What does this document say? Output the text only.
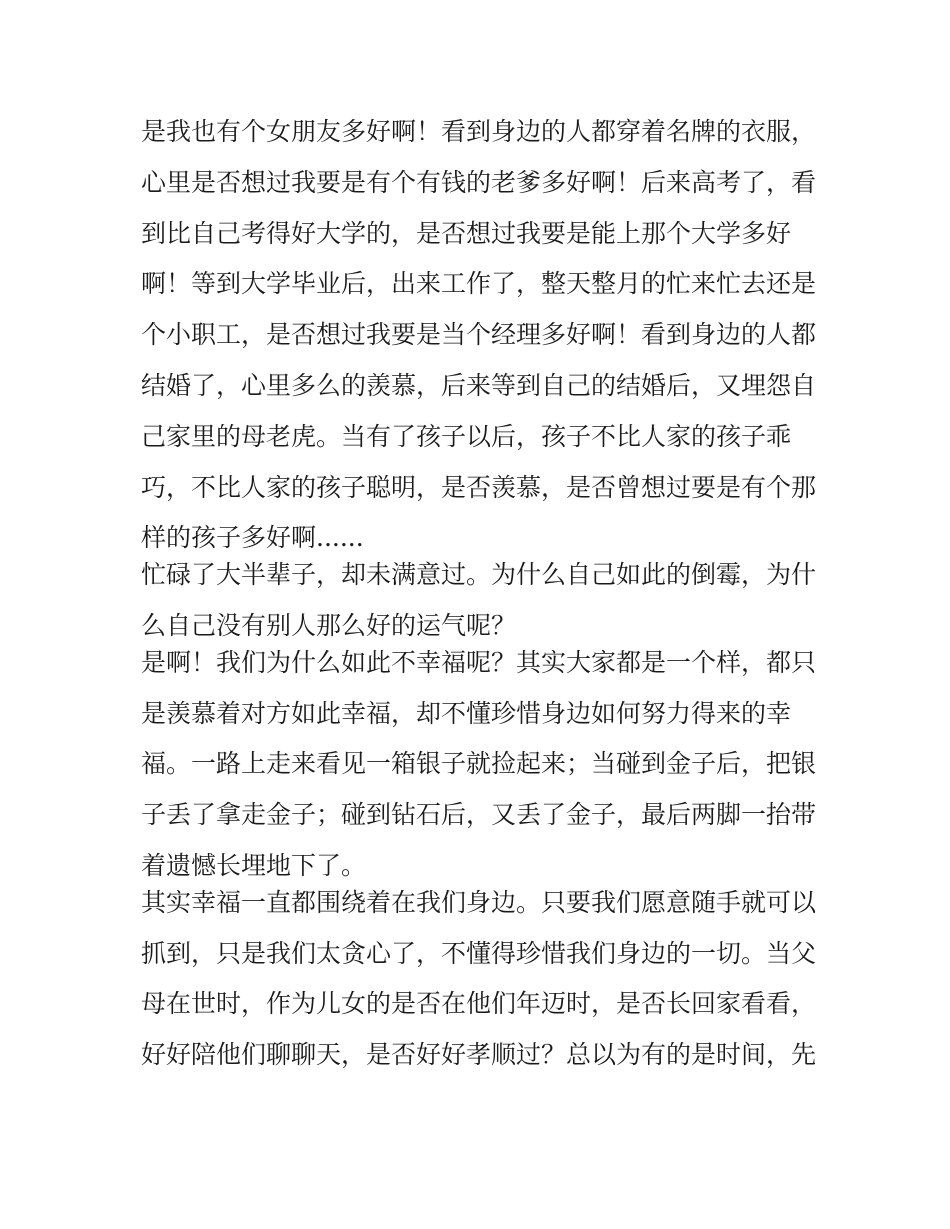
是我也有个女朋友多好啊！看到身边的人都穿着名牌的衣服，
心里是否想过我要是有个有钱的老爹多好啊！后来高考了，看
到比自己考得好大学的，是否想过我要是能上那个大学多好
啊！等到大学毕业后，出来工作了，整天整月的忙来忙去还是
个小职工，是否想过我要是当个经理多好啊！看到身边的人都
结婚了，心里多么的羡慕，后来等到自己的结婚后，又埋怨自
己家里的母老虎。当有了孩子以后，孩子不比人家的孩子乖
巧，不比人家的孩子聪明，是否羡慕，是否曾想过要是有个那
样的孩子多好啊......
忙碌了大半辈子，却未满意过。为什么自己如此的倒霉，为什
么自己没有别人那么好的运气呢？
是啊！我们为什么如此不幸福呢？其实大家都是一个样，都只
是羡慕着对方如此幸福，却不懂珍惜身边如何努力得来的幸
福。一路上走来看见一箱银子就捡起来；当碰到金子后，把银
子丢了拿走金子；碰到钻石后，又丢了金子，最后两脚一抬带
着遗憾长埋地下了。
其实幸福一直都围绕着在我们身边。只要我们愿意随手就可以
抓到，只是我们太贪心了，不懂得珍惜我们身边的一切。当父
母在世时，作为儿女的是否在他们年迈时，是否长回家看看，
好好陪他们聊聊天，是否好好孝顺过？总以为有的是时间，先
